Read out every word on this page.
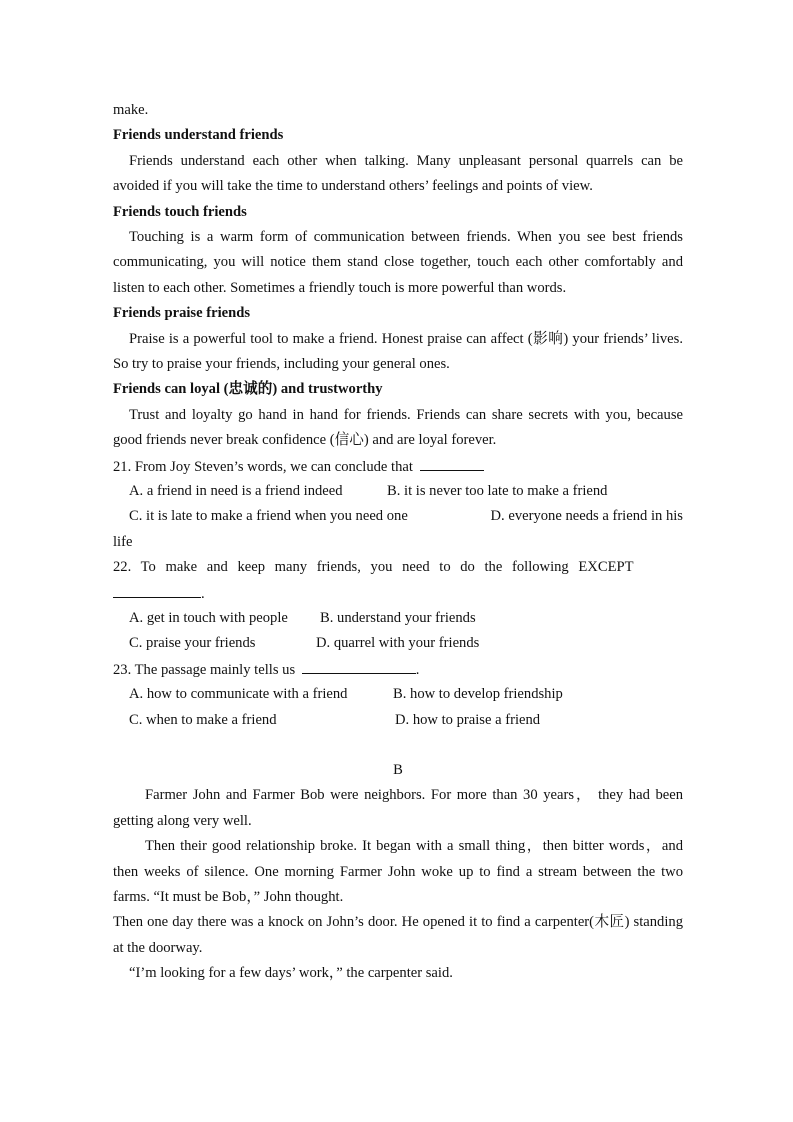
make.
Friends understand friends
Friends understand each other when talking. Many unpleasant personal quarrels can be avoided if you will take the time to understand others’ feelings and points of view.
Friends touch friends
Touching is a warm form of communication between friends. When you see best friends communicating, you will notice them stand close together, touch each other comfortably and listen to each other. Sometimes a friendly touch is more powerful than words.
Friends praise friends
Praise is a powerful tool to make a friend. Honest praise can affect (影响) your friends’ lives. So try to praise your friends, including your general ones.
Friends can loyal (忠诚的) and trustworthy
Trust and loyalty go hand in hand for friends. Friends can share secrets with you, because good friends never break confidence (信心) and are loyal forever.
21. From Joy Steven’s words, we can conclude that
A. a friend in need is a friend indeed	B. it is never too late to make a friend
C. it is late to make a friend when you need one	D. everyone needs a friend in his
life
22. To make and keep many friends, you need to do the following EXCEPT
.
A. get in touch with people	B. understand your friends
C. praise your friends	D. quarrel with your friends
23. The passage mainly tells us	.
A. how to communicate with a friend	B. how to develop friendship
C. when to make a friend	D. how to praise a friend
B
Farmer John and Farmer Bob were neighbors. For more than 30 years， they had been getting along very well.
Then their good relationship broke. It began with a small thing，then bitter words，and then weeks of silence. One morning Farmer John woke up to find a stream between the two farms. “It must be Bob，” John thought.
Then one day there was a knock on John’s door. He opened it to find a carpenter(木匠) standing at the doorway.
“I’m looking for a few days’ work，” the carpenter said.
